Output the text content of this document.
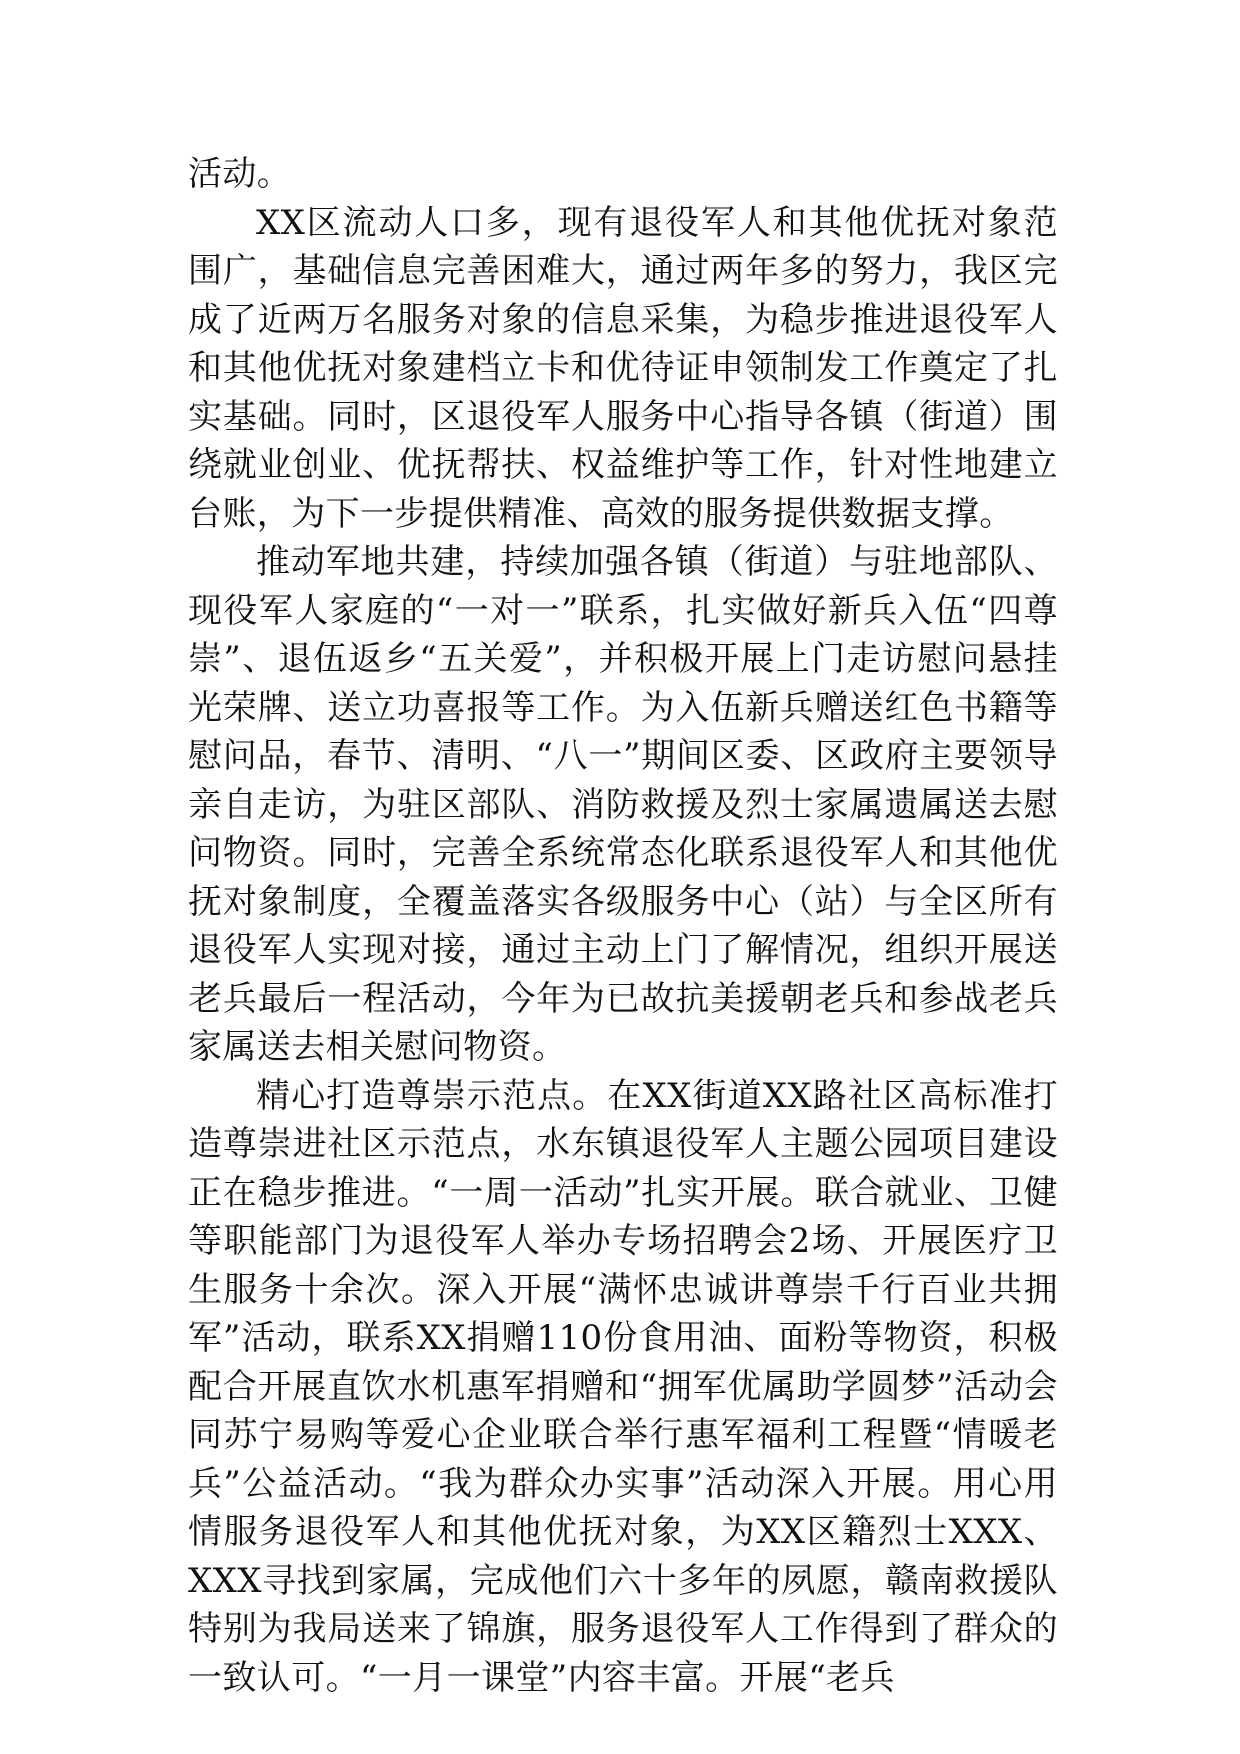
活动。

XX区流动人口多，现有退役军人和其他优抚对象范围广，基础信息完善困难大，通过两年多的努力，我区完成了近两万名服务对象的信息采集，为稳步推进退役军人和其他优抚对象建档立卡和优待证申领制发工作奠定了扎实基础。同时，区退役军人服务中心指导各镇（街道）围绕就业创业、优抚帮扶、权益维护等工作，针对性地建立台账，为下一步提供精准、高效的服务提供数据支撑。

推动军地共建，持续加强各镇（街道）与驻地部队、现役军人家庭的“一对一”联系，扎实做好新兵入伍“四尊崇”、退伍返乡“五关爱”，并积极开展上门走访慰问悬挂光荣牌、送立功喜报等工作。为入伍新兵赠送红色书籍等慰问品，春节、清明、“八一”期间区委、区政府主要领导亲自走访，为驻区部队、消防救援及烈士家属遗属送去慰问物资。同时，完善全系统常态化联系退役军人和其他优抚对象制度，全覆盖落实各级服务中心（站）与全区所有退役军人实现对接，通过主动上门了解情况，组织开展送老兵最后一程活动，今年为已故抗美援朝老兵和参战老兵家属送去相关慰问物资。

精心打造尊崇示范点。在XX街道XX路社区高标准打造尊崇进社区示范点，水东镇退役军人主题公园项目建设正在稳步推进。“一周一活动”扎实开展。联合就业、卫健等职能部门为退役军人举办专场招聘会2场、开展医疗卫生服务十余次。深入开展“满怀忠诚讲尊崇千行百业共拥军”活动，联系XX捐赠110份食用油、面粉等物资，积极配合开展直饮水机惠军捐赠和“拥军优属助学圆梦”活动会同苏宁易购等爱心企业联合举行惠军福利工程暨“情暖老兵”公益活动。“我为群众办实事”活动深入开展。用心用情服务退役军人和其他优抚对象，为XX区籍烈士XXX、XXX寻找到家属，完成他们六十多年的夙愿，赣南救援队特别为我局送来了锦旗，服务退役军人工作得到了群众的一致认可。“一月一课堂”内容丰富。开展“老兵
